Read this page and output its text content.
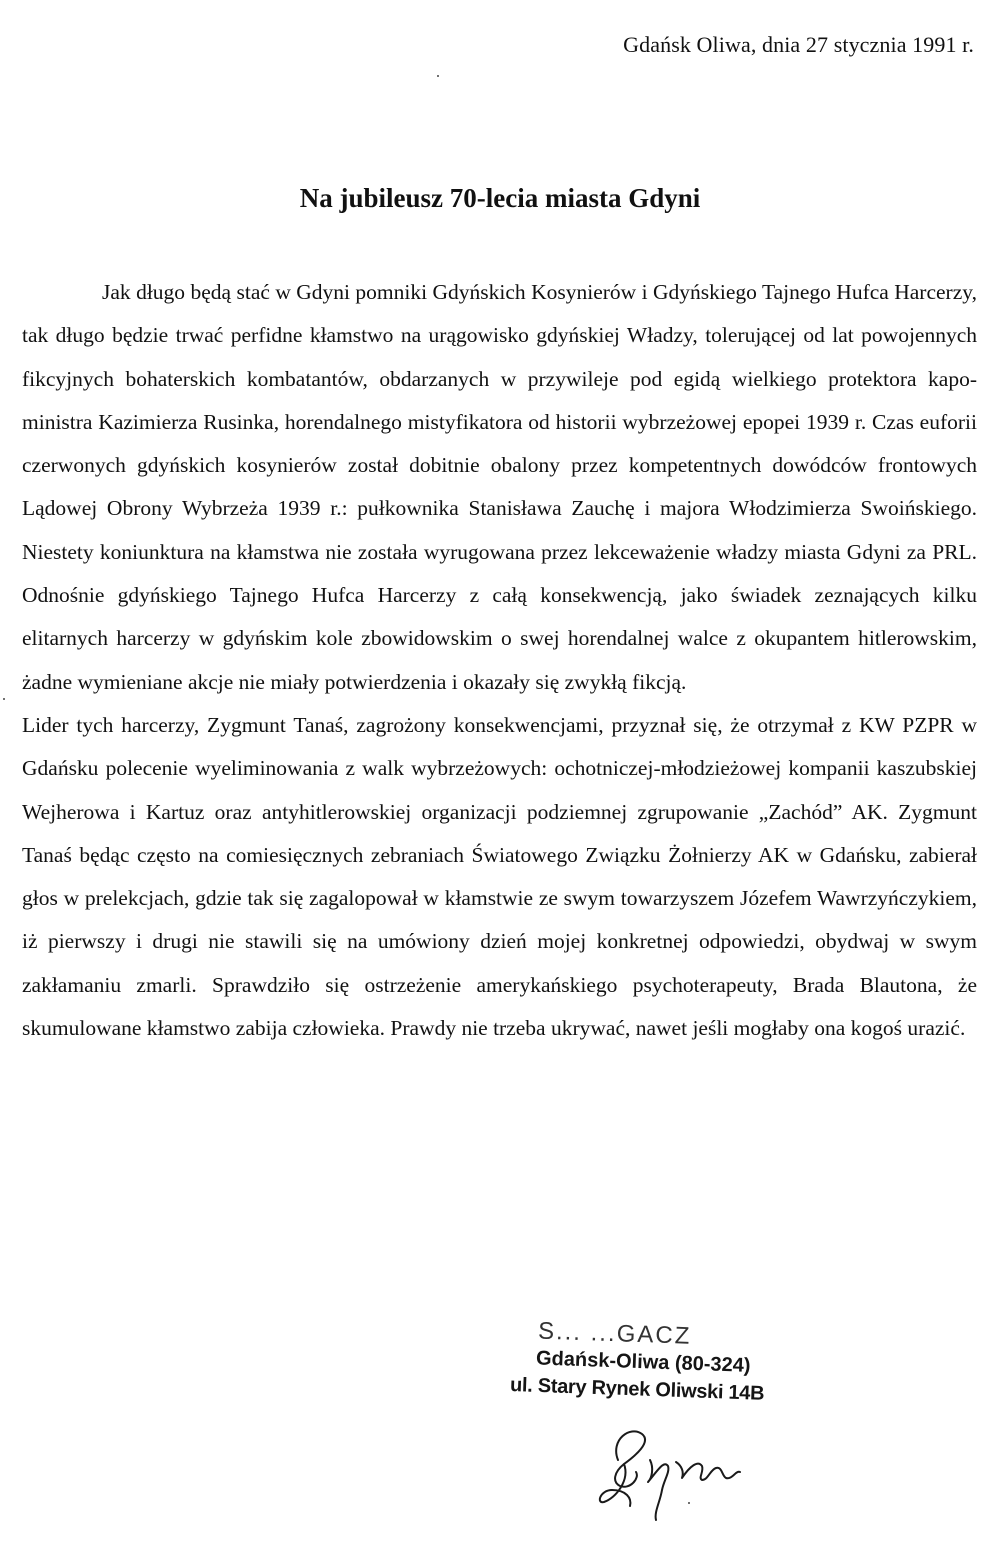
Gdańsk Oliwa, dnia 27 stycznia 1991 r.
Na jubileusz 70-lecia miasta Gdyni

Jak długo będą stać w Gdyni pomniki Gdyńskich Kosynierów i Gdyńskiego Tajnego Hufca Harcerzy, tak długo będzie trwać perfidne kłamstwo na urągowisko gdyńskiej Władzy, tolerującej od lat powojennych fikcyjnych bohaterskich kombatantów, obdarzanych w przywileje pod egidą wielkiego protektora kapo-ministra Kazimierza Rusinka, horendalnego mistyfikatora od historii wybrzeżowej epopei 1939 r. Czas euforii czerwonych gdyńskich kosynierów został dobitnie obalony przez kompetentnych dowódców frontowych Lądowej Obrony Wybrzeża 1939 r.: pułkownika Stanisława Zauchę i majora Włodzimierza Swoińskiego. Niestety koniunktura na kłamstwa nie została wyrugowana przez lekceważenie władzy miasta Gdyni za PRL. Odnośnie gdyńskiego Tajnego Hufca Harcerzy z całą konsekwencją, jako świadek zeznających kilku elitarnych harcerzy w gdyńskim kole zbowidowskim o swej horendalnej walce z okupantem hitlerowskim, żadne wymieniane akcje nie miały potwierdzenia i okazały się zwykłą fikcją.

Lider tych harcerzy, Zygmunt Tanaś, zagrożony konsekwencjami, przyznał się, że otrzymał z KW PZPR w Gdańsku polecenie wyeliminowania z walk wybrzeżowych: ochotniczej-młodzieżowej kompanii kaszubskiej Wejherowa i Kartuz oraz antyhitlerowskiej organizacji podziemnej zgrupowanie „Zachód” AK. Zygmunt Tanaś będąc często na comiesięcznych zebraniach Światowego Związku Żołnierzy AK w Gdańsku, zabierał głos w prelekcjach, gdzie tak się zagalopował w kłamstwie ze swym towarzyszem Józefem Wawrzyńczykiem, iż pierwszy i drugi nie stawili się na umówiony dzień mojej konkretnej odpowiedzi, obydwaj w swym zakłamaniu zmarli. Sprawdziło się ostrzeżenie amerykańskiego psychoterapeuty, Brada Blautona, że skumulowane kłamstwo zabija człowieka. Prawdy nie trzeba ukrywać, nawet jeśli mogłaby ona kogoś urazić.

S... ...GACZ
Gdańsk-Oliwa (80-324)
ul. Stary Rynek Oliwski 14B
